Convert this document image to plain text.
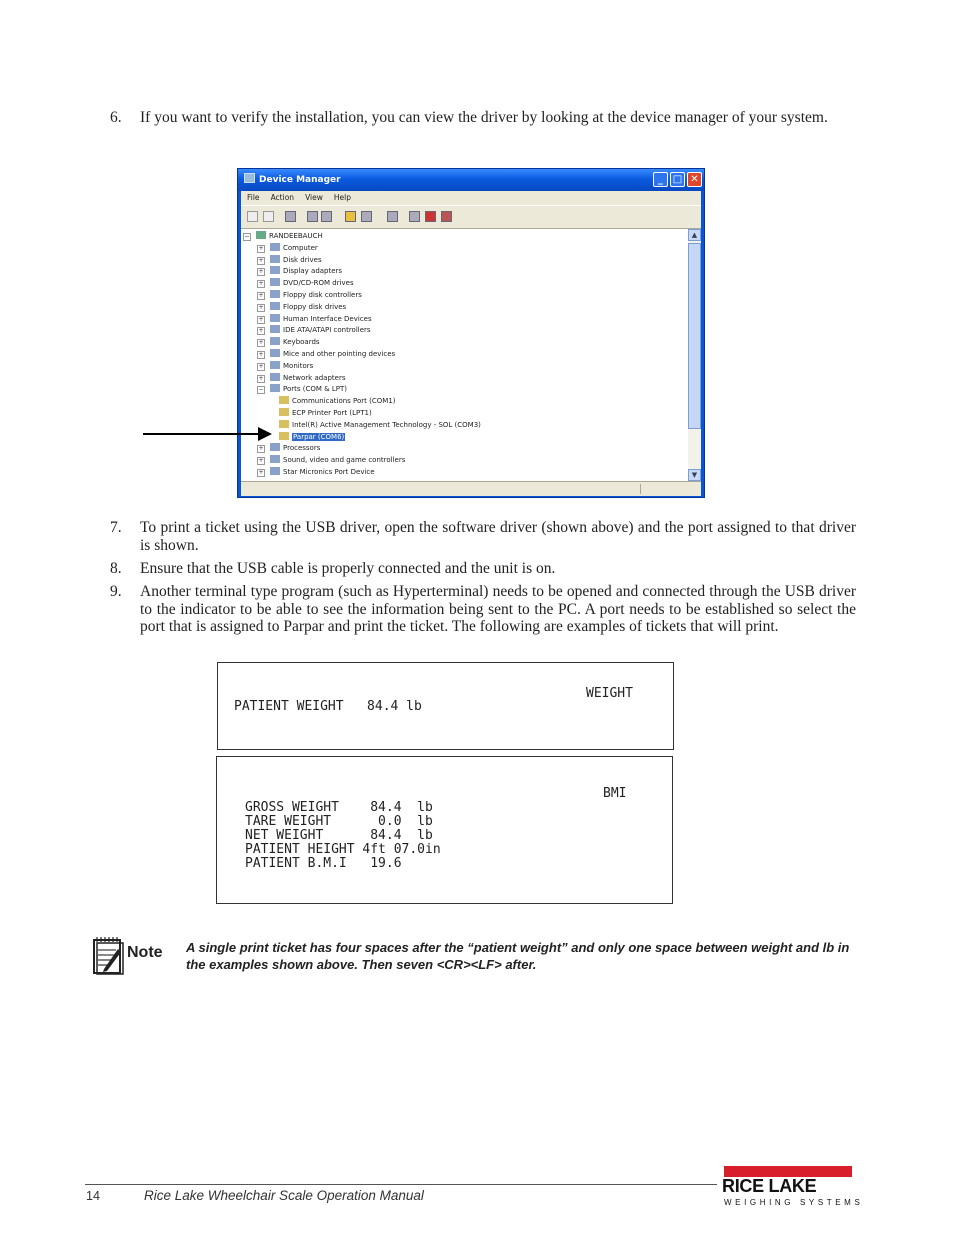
6. If you want to verify the installation, you can view the driver by looking at the device manager of your system.
Device Manager	_ □ ✕
File Action View Help
−	RANDEEBAUCH
+	Computer
+	Disk drives
+	Display adapters
+	DVD/CD-ROM drives
+	Floppy disk controllers
+	Floppy disk drives
+	Human Interface Devices
+	IDE ATA/ATAPI controllers
+	Keyboards
+	Mice and other pointing devices
+	Monitors
+	Network adapters
−	Ports (COM & LPT)
Communications Port (COM1)
ECP Printer Port (LPT1)
Intel(R) Active Management Technology - SOL (COM3)
Parpar (COM6)
+	Processors
+	Sound, video and game controllers
+	Star Micronics Port Device
▲
▼
7. To print a ticket using the USB driver, open the software driver (shown above) and the port assigned to that driver is shown.
8. Ensure that the USB cable is properly connected and the unit is on.
9. Another terminal type program (such as Hyperterminal) needs to be opened and connected through the USB driver to the indicator to be able to see the information being sent to the PC. A port needs to be established so select the port that is assigned to Parpar and print the ticket. The following are examples of tickets that will print.
WEIGHT
PATIENT WEIGHT   84.4 lb
BMI
GROSS WEIGHT    84.4  lb
TARE WEIGHT      0.0  lb
NET WEIGHT      84.4  lb
PATIENT HEIGHT 4ft 07.0in
PATIENT B.M.I   19.6
Note A single print ticket has four spaces after the “patient weight” and only one space between weight and lb in the examples shown above. Then seven <CR><LF> after.
14	Rice Lake Wheelchair Scale Operation Manual	RICE LAKE
WEIGHING SYSTEMS
